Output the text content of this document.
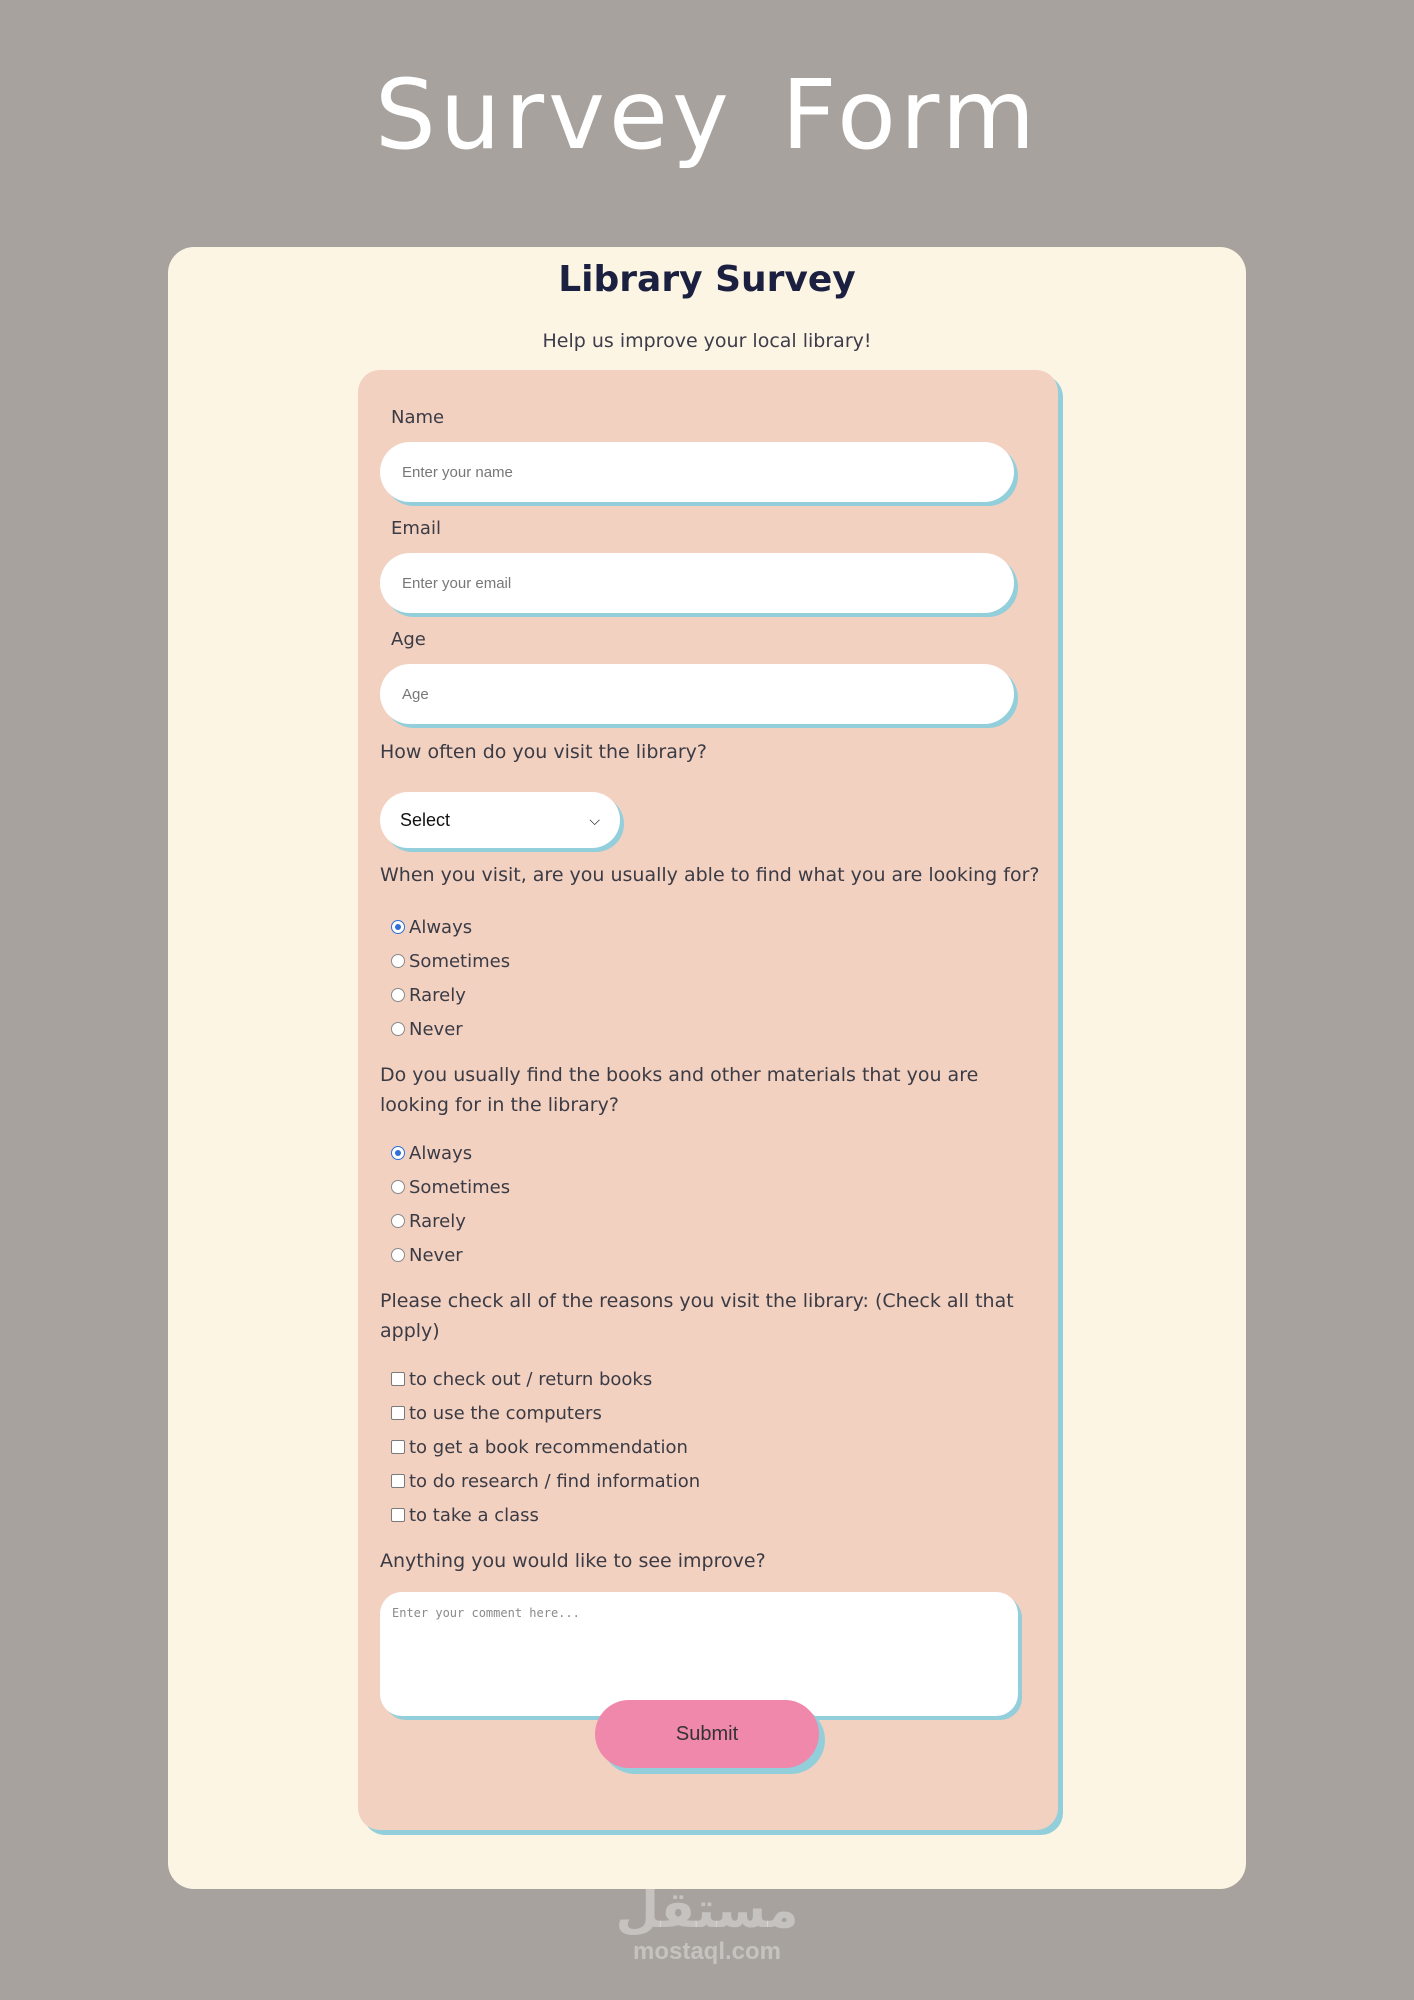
Survey Form
Library Survey

Help us improve your local library!

Name

Enter your name

Email

Enter your email

Age

Age

How often do you visit the library?

Select	⌵

When you visit, are you usually able to find what you are looking for?

Always
Sometimes
Rarely
Never

Do you usually find the books and other materials that you are looking for in the library?

Always
Sometimes
Rarely
Never

Please check all of the reasons you visit the library: (Check all that apply)

to check out / return books
to use the computers
to get a book recommendation
to do research / find information
to take a class

Anything you would like to see improve?

Enter your comment here...
Submit
مستقل
mostaql.com
